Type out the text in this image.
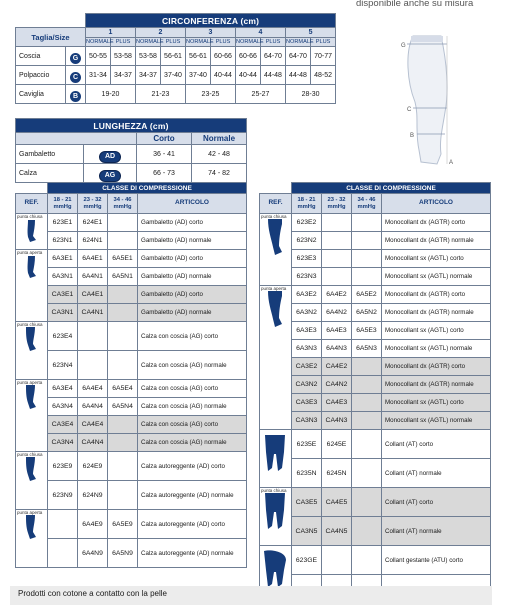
disponibile anche su misura
G
C
B
A
		CIRCONFERENZA (cm)									
Taglia/Size		1		2		3		4		5	
		NORMALE	PLUS	NORMALE	PLUS	NORMALE	PLUS	NORMALE	PLUS	NORMALE	PLUS
Coscia	G	50-55	53-58	53-58	56-61	56-61	60-66	60-66	64-70	64-70	70-77
Polpaccio	C	31-34	34-37	34-37	37-40	37-40	40-44	40-44	44-48	44-48	48-52
Caviglia	B	19-20		21-23		23-25		25-27		28-30	
LUNGHEZZA (cm)			
		Corto	Normale
Gambaletto	AD	36 - 41	42 - 48
Calza	AG	66 - 73	74 - 82
	CLASSE DI COMPRESSIONE			
REF.	18 - 21 mmHg	23 - 32 mmHg	34 - 46 mmHg	ARTICOLO

punta chiusa	623E1	624E1		Gambaletto (AD) corto
	623N1	624N1		Gambaletto (AD) normale

punta aperta	6A3E1	6A4E1	6A5E1	Gambaletto (AD) corto
	6A3N1	6A4N1	6A5N1	Gambaletto (AD) normale
	CA3E1	CA4E1		Gambaletto (AD) corto
	CA3N1	CA4N1		Gambaletto (AD) normale

punta chiusa	623E4			Calza con coscia (AG) corto
	623N4			Calza con coscia (AG) normale

punta aperta	6A3E4	6A4E4	6A5E4	Calza con coscia (AG) corto
	6A3N4	6A4N4	6A5N4	Calza con coscia (AG) normale
	CA3E4	CA4E4		Calza con coscia (AG) corto
	CA3N4	CA4N4		Calza con coscia (AG) normale

punta chiusa	623E9	624E9		Calza autoreggente (AD) corto
	623N9	624N9		Calza autoreggente (AD) normale

punta aperta		6A4E9	6A5E9	Calza autoreggente (AD) corto
		6A4N9	6A5N9	Calza autoreggente (AD) normale
	CLASSE DI COMPRESSIONE			
REF.	18 - 21 mmHg	23 - 32 mmHg	34 - 46 mmHg	ARTICOLO

punta chiusa	623E2			Monocollant dx (AGTR) corto
	623N2			Monocollant dx (AGTR) normale
	623E3			Monocollant sx (AGTL) corto
	623N3			Monocollant sx (AGTL) normale

punta aperta	6A3E2	6A4E2	6A5E2	Monocollant dx (AGTR) corto
	6A3N2	6A4N2	6A5N2	Monocollant dx (AGTR) normale
	6A3E3	6A4E3	6A5E3	Monocollant sx (AGTL) corto
	6A3N3	6A4N3	6A5N3	Monocollant sx (AGTL) normale
	CA3E2	CA4E2		Monocollant dx (AGTR) corto
	CA3N2	CA4N2		Monocollant dx (AGTR) normale
	CA3E3	CA4E3		Monocollant sx (AGTL) corto
	CA3N3	CA4N3		Monocollant sx (AGTL) normale

	6235E	6245E		Collant (AT) corto
	6235N	6245N		Collant (AT) normale

punta chiusa	CA3E5	CA4E5		Collant (AT) corto
	CA3N5	CA4N5		Collant (AT) normale

	623GE			Collant gestante (ATU) corto

Prodotti con cotone a contatto con la pelle
